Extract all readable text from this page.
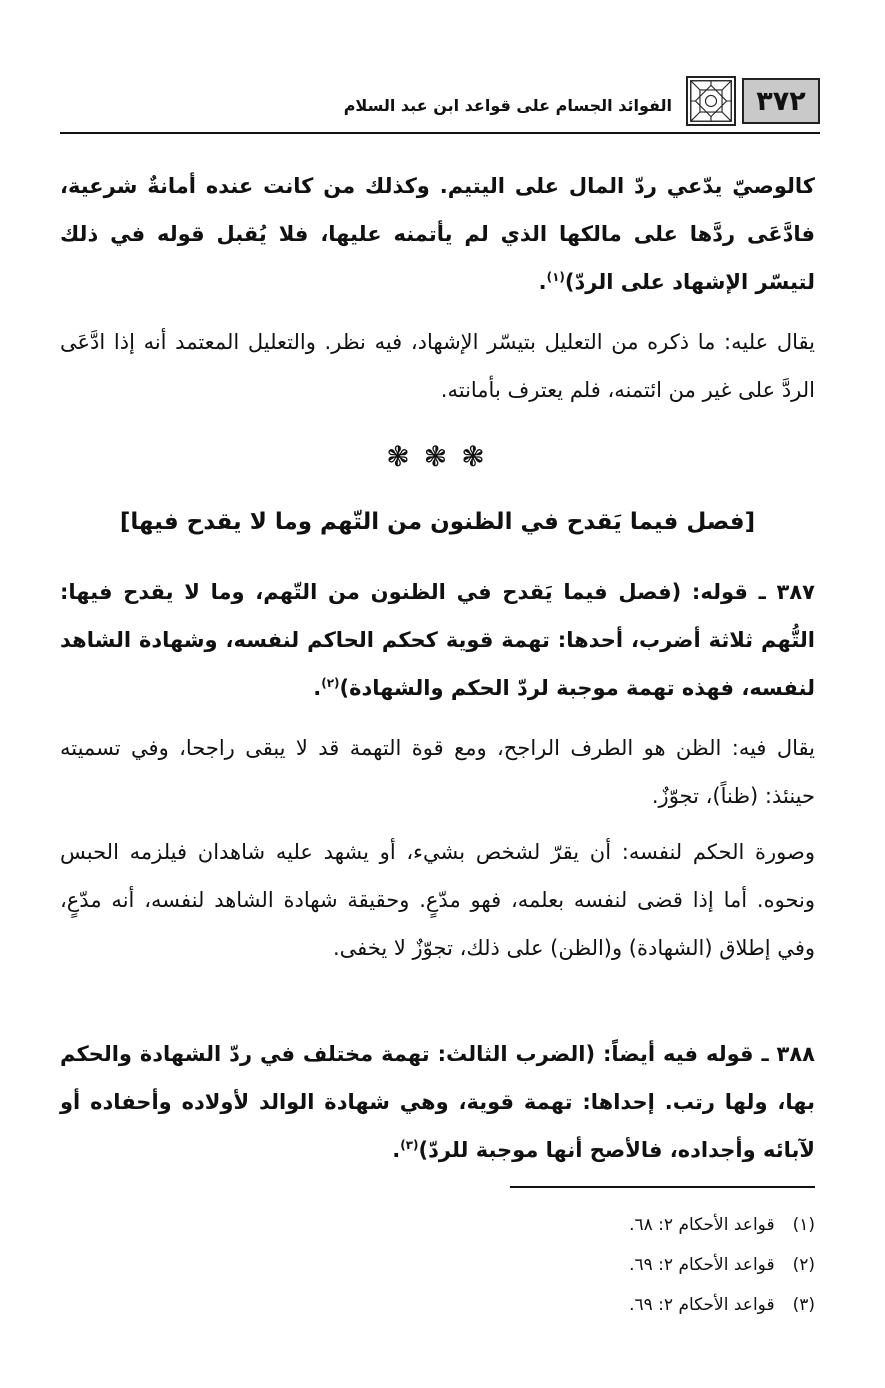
٣٧٢
الفوائد الجسام على قواعد ابن عبد السلام

كالوصيّ يدّعي ردّ المال على اليتيم. وكذلك من كانت عنده أمانةٌ شرعية، فادَّعَى ردَّها على مالكها الذي لم يأتمنه عليها، فلا يُقبل قوله في ذلك لتيسّر الإشهاد على الردّ)$^{(١)}$.

يقال عليه: ما ذكره من التعليل بتيسّر الإشهاد، فيه نظر. والتعليل المعتمد أنه إذا ادَّعَى الردَّ على غير من ائتمنه، فلم يعترف بأمانته.

❃❃❃
[فصل فيما يَقدح في الظنون من التّهم وما لا يقدح فيها]

٣٨٧ ـ قوله: (فصل فيما يَقدح في الظنون من التّهم، وما لا يقدح فيها: التُّهم ثلاثة أضرب، أحدها: تهمة قوية كحكم الحاكم لنفسه، وشهادة الشاهد لنفسه، فهذه تهمة موجبة لردّ الحكم والشهادة)$^{(٢)}$.

يقال فيه: الظن هو الطرف الراجح، ومع قوة التهمة قد لا يبقى راجحا، وفي تسميته حينئذ: (ظناً)، تجوّزٌ.

وصورة الحكم لنفسه: أن يقرّ لشخص بشيء، أو يشهد عليه شاهدان فيلزمه الحبس ونحوه. أما إذا قضى لنفسه بعلمه، فهو مدّعٍ. وحقيقة شهادة الشاهد لنفسه، أنه مدّعٍ، وفي إطلاق (الشهادة) و(الظن) على ذلك، تجوّزٌ لا يخفى.

٣٨٨ ـ قوله فيه أيضاً: (الضرب الثالث: تهمة مختلف في ردّ الشهادة والحكم بها، ولها رتب. إحداها: تهمة قوية، وهي شهادة الوالد لأولاده وأحفاده أو لآبائه وأجداده، فالأصح أنها موجبة للردّ)$^{(٣)}$.

(١)قواعد الأحكام ٢: ٦٨.
(٢)قواعد الأحكام ٢: ٦٩.
(٣)قواعد الأحكام ٢: ٦٩.
